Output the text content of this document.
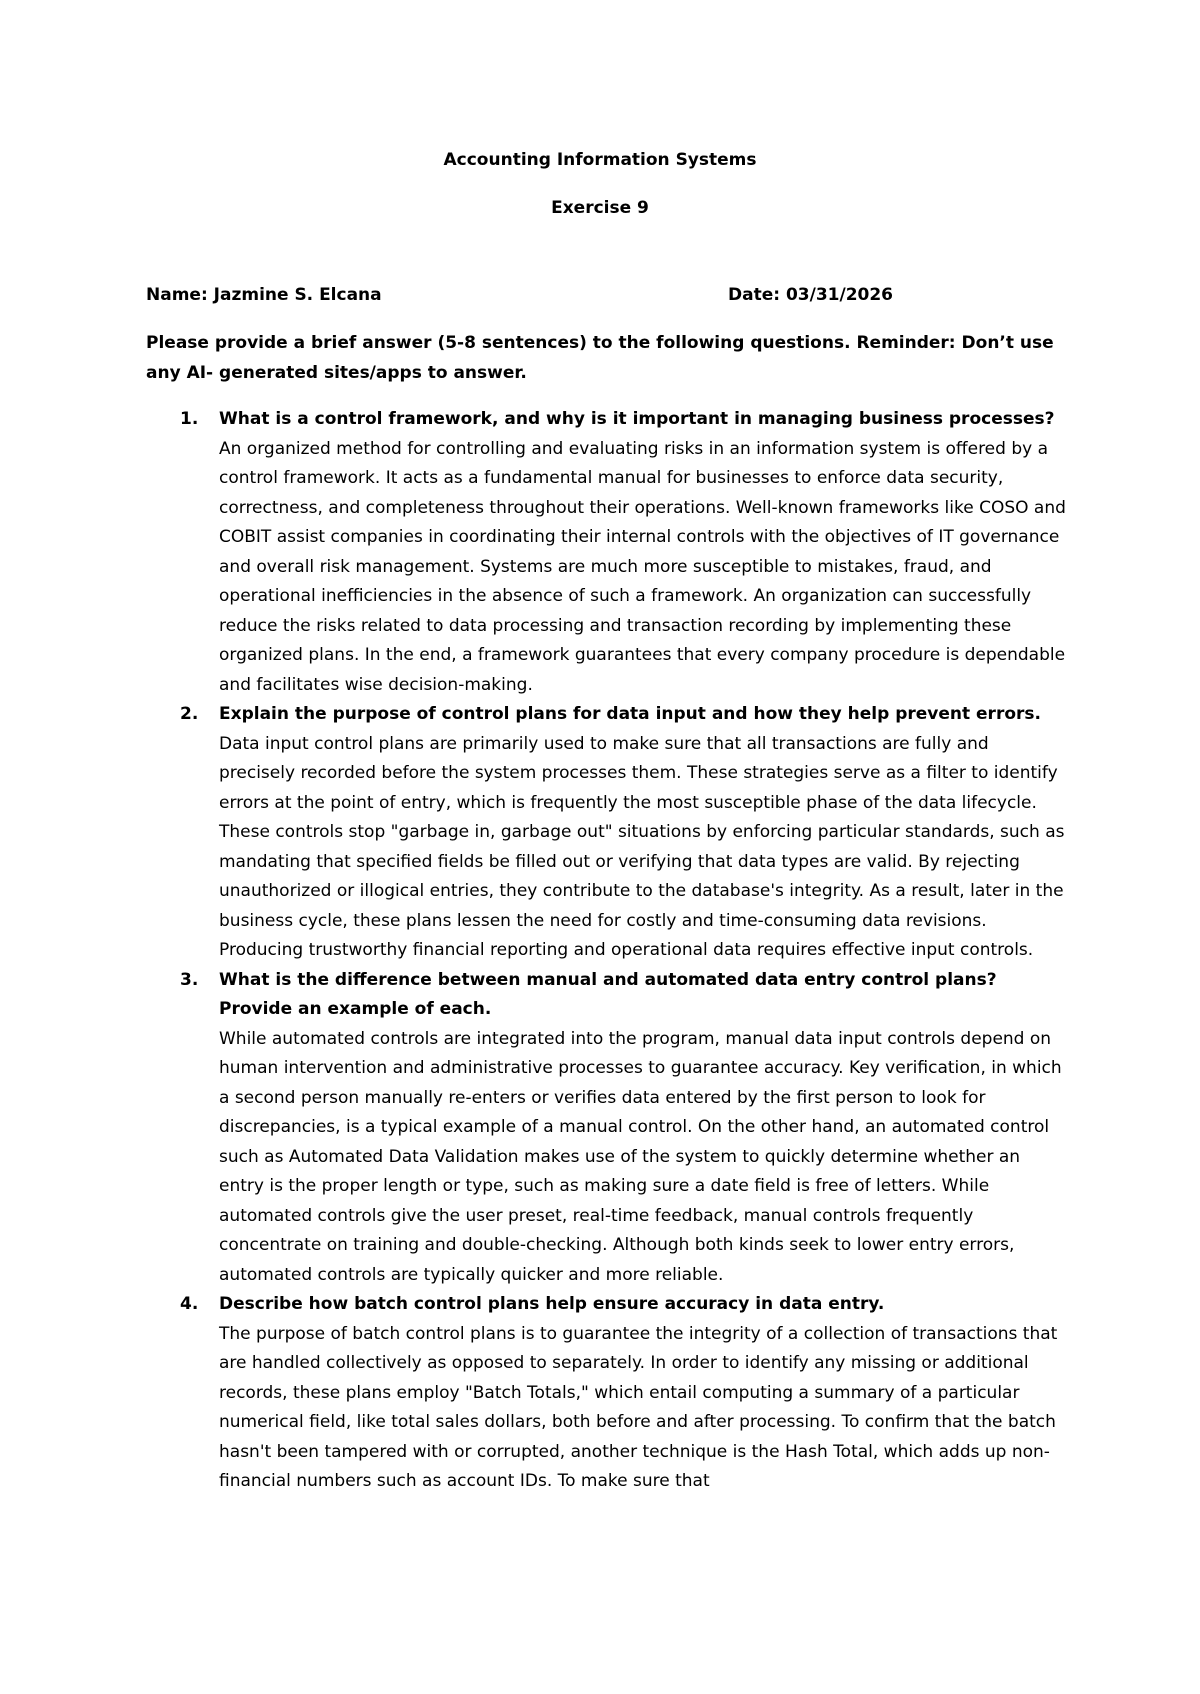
Accounting Information Systems
Exercise 9
Name: Jazmine S. Elcana	Date: 03/31/2026
Please provide a brief answer (5-8 sentences) to the following questions. Reminder: Don’t use any AI- generated sites/apps to answer.
1. What is a control framework, and why is it important in managing business processes?
An organized method for controlling and evaluating risks in an information system is offered by a control framework. It acts as a fundamental manual for businesses to enforce data security, correctness, and completeness throughout their operations. Well-known frameworks like COSO and COBIT assist companies in coordinating their internal controls with the objectives of IT governance and overall risk management. Systems are much more susceptible to mistakes, fraud, and operational inefficiencies in the absence of such a framework. An organization can successfully reduce the risks related to data processing and transaction recording by implementing these organized plans. In the end, a framework guarantees that every company procedure is dependable and facilitates wise decision-making.
2. Explain the purpose of control plans for data input and how they help prevent errors.
Data input control plans are primarily used to make sure that all transactions are fully and precisely recorded before the system processes them. These strategies serve as a filter to identify errors at the point of entry, which is frequently the most susceptible phase of the data lifecycle. These controls stop "garbage in, garbage out" situations by enforcing particular standards, such as mandating that specified fields be filled out or verifying that data types are valid. By rejecting unauthorized or illogical entries, they contribute to the database's integrity. As a result, later in the business cycle, these plans lessen the need for costly and time-consuming data revisions. Producing trustworthy financial reporting and operational data requires effective input controls.
3. What is the difference between manual and automated data entry control plans? Provide an example of each.
While automated controls are integrated into the program, manual data input controls depend on human intervention and administrative processes to guarantee accuracy. Key verification, in which a second person manually re-enters or verifies data entered by the first person to look for discrepancies, is a typical example of a manual control. On the other hand, an automated control such as Automated Data Validation makes use of the system to quickly determine whether an entry is the proper length or type, such as making sure a date field is free of letters. While automated controls give the user preset, real-time feedback, manual controls frequently concentrate on training and double-checking. Although both kinds seek to lower entry errors, automated controls are typically quicker and more reliable.
4. Describe how batch control plans help ensure accuracy in data entry.
The purpose of batch control plans is to guarantee the integrity of a collection of transactions that are handled collectively as opposed to separately. In order to identify any missing or additional records, these plans employ "Batch Totals," which entail computing a summary of a particular numerical field, like total sales dollars, both before and after processing. To confirm that the batch hasn't been tampered with or corrupted, another technique is the Hash Total, which adds up non-financial numbers such as account IDs. To make sure that
